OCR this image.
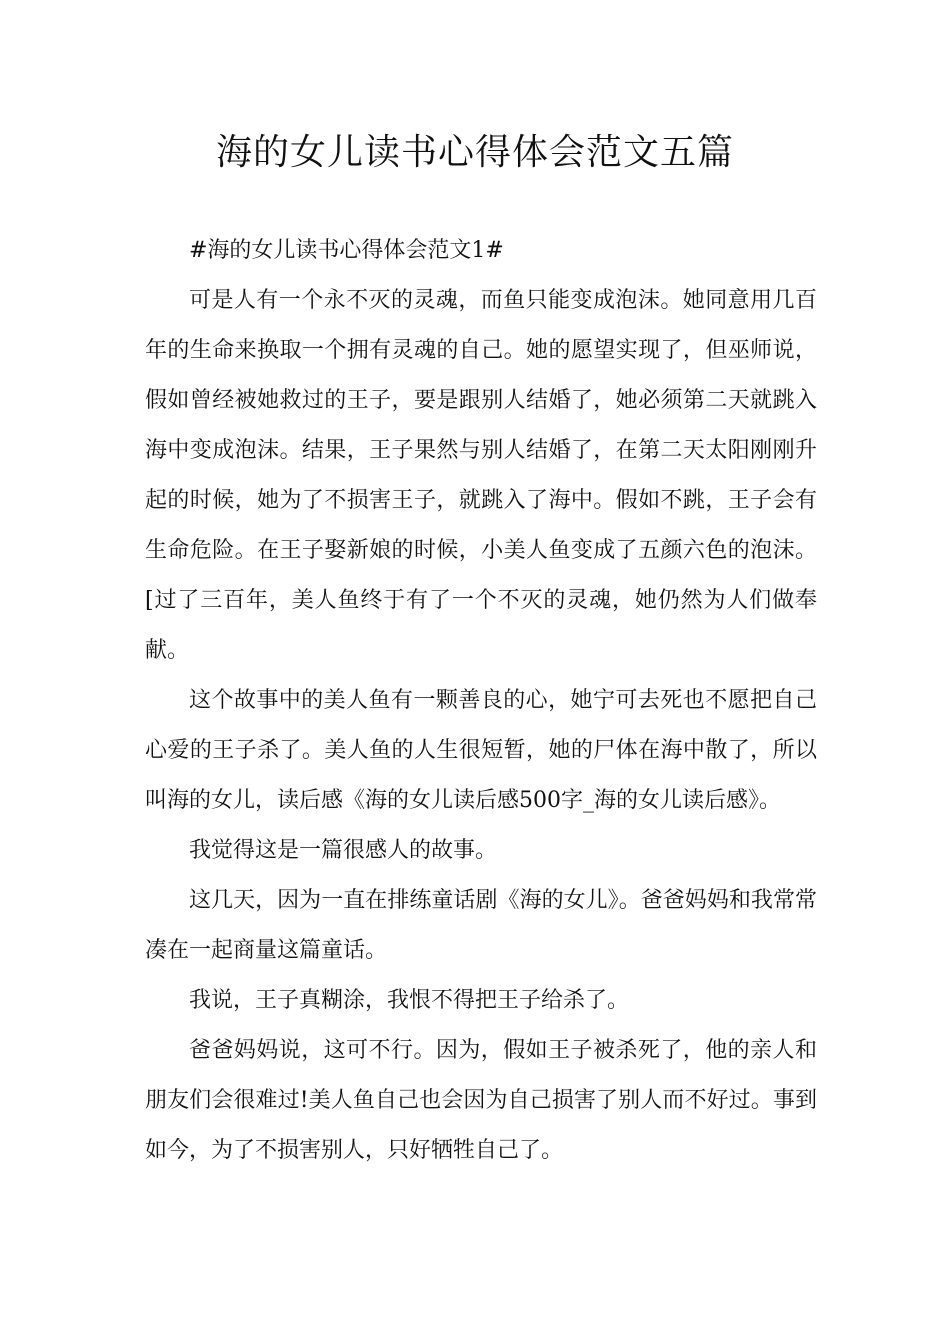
海的女儿读书心得体会范文五篇

#海的女儿读书心得体会范文1#

可是人有一个永不灭的灵魂，而鱼只能变成泡沫。她同意用几百年的生命来换取一个拥有灵魂的自己。她的愿望实现了，但巫师说，假如曾经被她救过的王子，要是跟别人结婚了，她必须第二天就跳入海中变成泡沫。结果，王子果然与别人结婚了，在第二天太阳刚刚升起的时候，她为了不损害王子，就跳入了海中。假如不跳，王子会有生命危险。在王子娶新娘的时候，小美人鱼变成了五颜六色的泡沫。[过了三百年，美人鱼终于有了一个不灭的灵魂，她仍然为人们做奉献。

这个故事中的美人鱼有一颗善良的心，她宁可去死也不愿把自己心爱的王子杀了。美人鱼的人生很短暂，她的尸体在海中散了，所以叫海的女儿，读后感《海的女儿读后感500字_海的女儿读后感》。

我觉得这是一篇很感人的故事。

这几天，因为一直在排练童话剧《海的女儿》。爸爸妈妈和我常常凑在一起商量这篇童话。

我说，王子真糊涂，我恨不得把王子给杀了。

爸爸妈妈说，这可不行。因为，假如王子被杀死了，他的亲人和朋友们会很难过!美人鱼自己也会因为自己损害了别人而不好过。事到如今，为了不损害别人，只好牺牲自己了。
